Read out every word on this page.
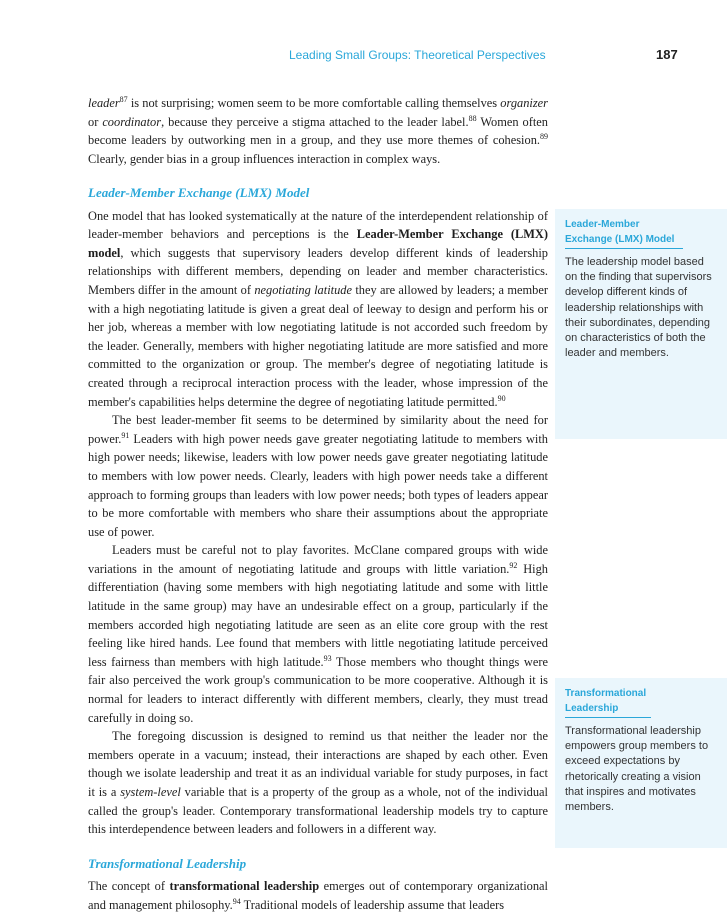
Leading Small Groups: Theoretical Perspectives	187

leader$^{87}$ is not surprising; women seem to be more comfortable calling themselves organizer or coordinator, because they perceive a stigma attached to the leader label.$^{88}$ Women often become leaders by outworking men in a group, and they use more themes of cohesion.$^{89}$ Clearly, gender bias in a group influences interaction in complex ways.

Leader-Member Exchange (LMX) Model

One model that has looked systematically at the nature of the interdependent relationship of leader-member behaviors and perceptions is the Leader-Member Exchange (LMX) model, which suggests that supervisory leaders develop different kinds of leadership relationships with different members, depending on leader and member characteristics. Members differ in the amount of negotiating latitude they are allowed by leaders; a member with a high negotiating latitude is given a great deal of leeway to design and perform his or her job, whereas a member with low negotiating latitude is not accorded such freedom by the leader. Generally, members with higher negotiating latitude are more satisfied and more committed to the organization or group. The member's degree of negotiating latitude is created through a reciprocal interaction process with the leader, whose impression of the member's capabilities helps determine the degree of negotiating latitude permitted.$^{90}$

The best leader-member fit seems to be determined by similarity about the need for power.$^{91}$ Leaders with high power needs gave greater negotiating latitude to members with high power needs; likewise, leaders with low power needs gave greater negotiating latitude to members with low power needs. Clearly, leaders with high power needs take a different approach to forming groups than leaders with low power needs; both types of leaders appear to be more comfortable with members who share their assumptions about the appropriate use of power.

Leaders must be careful not to play favorites. McClane compared groups with wide variations in the amount of negotiating latitude and groups with little variation.$^{92}$ High differentiation (having some members with high negotiating latitude and some with little latitude in the same group) may have an undesirable effect on a group, particularly if the members accorded high negotiating latitude are seen as an elite core group with the rest feeling like hired hands. Lee found that members with little negotiating latitude perceived less fairness than members with high latitude.$^{93}$ Those members who thought things were fair also perceived the work group's communication to be more cooperative. Although it is normal for leaders to interact differently with different members, clearly, they must tread carefully in doing so.

The foregoing discussion is designed to remind us that neither the leader nor the members operate in a vacuum; instead, their interactions are shaped by each other. Even though we isolate leadership and treat it as an individual variable for study purposes, in fact it is a system-level variable that is a property of the group as a whole, not of the individual called the group's leader. Contemporary transformational leadership models try to capture this interdependence between leaders and followers in a different way.

Transformational Leadership

The concept of transformational leadership emerges out of contemporary organizational and management philosophy.$^{94}$ Traditional models of leadership assume that leaders

Leader-Member Exchange (LMX) Model
The leadership model based on the finding that supervisors develop different kinds of leadership relationships with their subordinates, depending on characteristics of both the leader and members.
Transformational Leadership
Transformational leadership empowers group members to exceed expectations by rhetorically creating a vision that inspires and motivates members.
